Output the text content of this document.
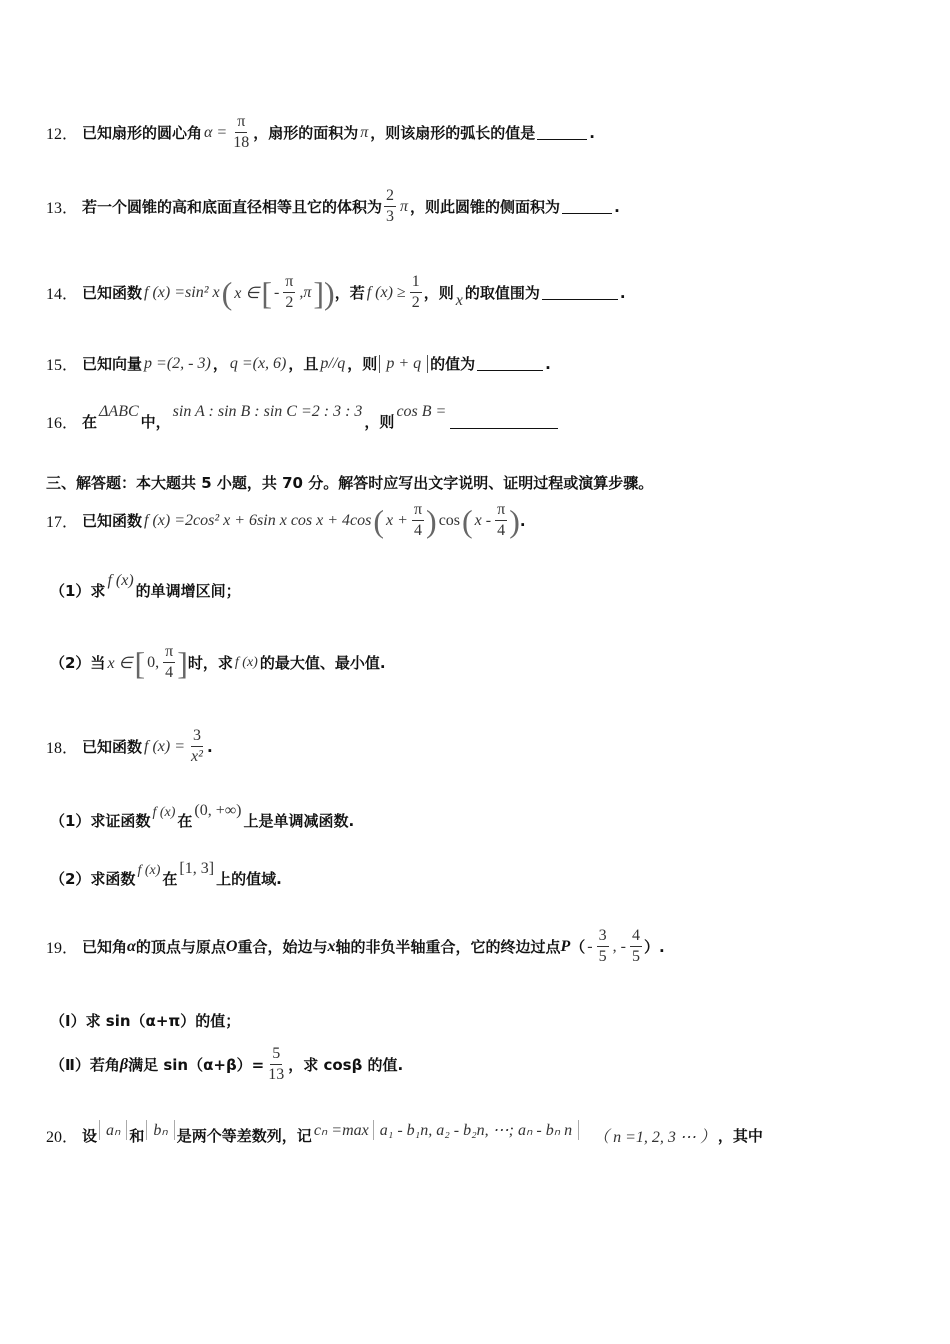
12． 已知扇形的圆心角 $\alpha = \frac{\pi}{18}$ ，扇形的面积为 π ，则该扇形的弧长的值是	.
13． 若一个圆锥的高和底面直径相等且它的体积为 $\frac{2}{3}$ π ，则此圆锥的侧面积为	.
14． 已知函数 f (x) =sin² x ( x ∈ [ - $\frac{\pi}{2} ,\pi$ ] ) ，若 f $(x) \ge \frac{1}{2}$ ，则 x 的取值围为	.
15． 已知向量 p =(2, - 3) ， q =(x, 6) ，且 p//q ，则 p + q 的值为	.
16． 在
ΔABC
中，
sin A : sin B : sin C =2 : 3 : 3
，则
cos B =
三、解答题：本大题共 5 小题，共 70 分。解答时应写出文字说明、证明过程或演算步骤。
17． 已知函数 f (x) =2cos² x + 6sin x cos x + 4cos ( $x + \frac{\pi}{4}$ ) cos ( x - $\frac{\pi}{4}$ ) .
（1）求
f (x)
的单调增区间；
（2）当 x ∈ [ 0, $\frac{\pi}{4}$ ] 时，求 f (x) 的最大值、最小值.
18． 已知函数 f $(x) = \frac{3}{\text{x²}}$ .
（1）求证函数 f (x) 在
(0, +∞)
上是单调减函数.
（2）求函数 f (x) 在
[1, 3]
上的值域.
19． 已知角 α 的顶点与原点 O 重合，始边与 x 轴的非负半轴重合，它的终边过点 P （ - $\frac{3}{5}$ , - $\frac{4}{5}$ ）.
（Ⅰ）求 sin（α+π）的值；
（Ⅱ）若角 β 满足 $\sin(\alpha+\beta)= \frac{5}{13}$ ，求 cosβ 的值.
20． 设 aₙ 和 bₙ 是两个等差数列，记 cₙ =max a₁ - b₁n, a₂ - b₂n, ⋯; aₙ - bₙ n	（ n =1, 2, 3 ⋯ ） ，其中
